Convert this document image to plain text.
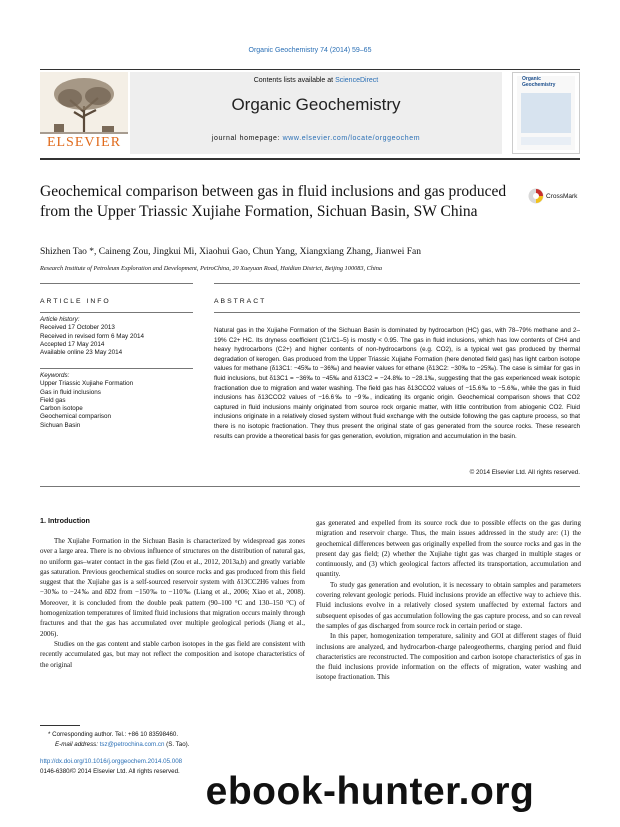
Organic Geochemistry 74 (2014) 59–65
ELSEVIER
Contents lists available at ScienceDirect
Organic Geochemistry
journal homepage: www.elsevier.com/locate/orggeochem
Organic Geochemistry
Geochemical comparison between gas in fluid inclusions and gas produced from the Upper Triassic Xujiahe Formation, Sichuan Basin, SW China
CrossMark
Shizhen Tao *, Caineng Zou, Jingkui Mi, Xiaohui Gao, Chun Yang, Xiangxiang Zhang, Jianwei Fan
Research Institute of Petroleum Exploration and Development, PetroChina, 20 Xueyuan Road, Haidian District, Beijing 100083, China
ARTICLE INFO	ABSTRACT
Article history:
Received 17 October 2013
Received in revised form 6 May 2014
Accepted 17 May 2014
Available online 23 May 2014
Keywords:
Upper Triassic Xujiahe Formation
Gas in fluid inclusions
Field gas
Carbon isotope
Geochemical comparison
Sichuan Basin
Natural gas in the Xujiahe Formation of the Sichuan Basin is dominated by hydrocarbon (HC) gas, with 78–79% methane and 2–19% C2+ HC. Its dryness coefficient (C1/C1–5) is mostly < 0.95. The gas in fluid inclusions, which has low contents of CH4 and heavy hydrocarbons (C2+) and higher contents of non-hydrocarbons (e.g. CO2), is a typical wet gas produced by thermal degradation of kerogen. Gas produced from the Upper Triassic Xujiahe Formation (here denoted field gas) has light carbon isotope values for methane (δ13C1: −45‰ to −36‰) and heavier values for ethane (δ13C2: −30‰ to −25‰). The case is similar for gas in fluid inclusions, but δ13C1 = −36‰ to −45‰ and δ13C2 = −24.8‰ to −28.1‰, suggesting that the gas experienced weak isotopic fractionation due to migration and water washing. The field gas has δ13CCO2 values of −15.6‰ to −5.6‰, while the gas in fluid inclusions has δ13CCO2 values of −16.6‰ to −9‰, indicating its organic origin. Geochemical comparison shows that CO2 captured in fluid inclusions mainly originated from source rock organic matter, with little contribution from abiogenic CO2. Fluid inclusions originate in a relatively closed system without fluid exchange with the outside following the gas capture process, so that there is no isotopic fractionation. They thus present the original state of gas generated from the source rocks. These research results can provide a theoretical basis for gas generation, evolution, migration and accumulation in the basin.
© 2014 Elsevier Ltd. All rights reserved.
1. Introduction

The Xujiahe Formation in the Sichuan Basin is characterized by widespread gas zones over a large area. There is no obvious influence of structures on the distribution of natural gas, no uniform gas–water contact in the gas field (Zou et al., 2012, 2013a,b) and greatly variable gas saturation. Previous geochemical studies on source rocks and gas produced from this field suggest that the Xujiahe gas is a self-sourced reservoir system with δ13CC2H6 values from −30‰ to −24‰ and δD2 from −150‰ to −110‰ (Liang et al., 2006; Xiao et al., 2008). Moreover, it is concluded from the double peak pattern (90–100 °C and 130–150 °C) of homogenization temperatures of limited fluid inclusions that migration occurs mainly through fractures and that the gas has accumulated over multiple geological periods (Jiang et al., 2006).

Studies on the gas content and stable carbon isotopes in the gas field are consistent with recently accumulated gas, but may not reflect the composition and isotope characteristics of the original

gas generated and expelled from its source rock due to possible effects on the gas during migration and reservoir charge. Thus, the main issues addressed in the study are: (1) the geochemical differences between gas originally expelled from the source rocks and gas in the present day gas field; (2) whether the Xujiahe tight gas was charged in multiple stages or continuously, and (3) which geological factors affected its transportation, accumulation and quantity.

To study gas generation and evolution, it is necessary to obtain samples and parameters covering relevant geologic periods. Fluid inclusions provide an effective way to achieve this. Fluid inclusions evolve in a relatively closed system unaffected by external factors and subsequent episodes of gas accumulation following the gas capture process, and so can reveal the samples of gas discharged from source rock in certain period or stage.

In this paper, homogenization temperature, salinity and GOI at different stages of fluid inclusions are analyzed, and hydrocarbon-charge paleogeotherms, charging period and fluid characteristics are reconstructed. The composition and carbon isotope characteristics of gas in the fluid inclusions provide information on the effects of migration, water washing and isotope fractionation. This

* Corresponding author. Tel.: +86 10 83598460.
E-mail address: tsz@petrochina.com.cn (S. Tao).
http://dx.doi.org/10.1016/j.orggeochem.2014.05.008
0146-6380/© 2014 Elsevier Ltd. All rights reserved. ebook-hunter.org
